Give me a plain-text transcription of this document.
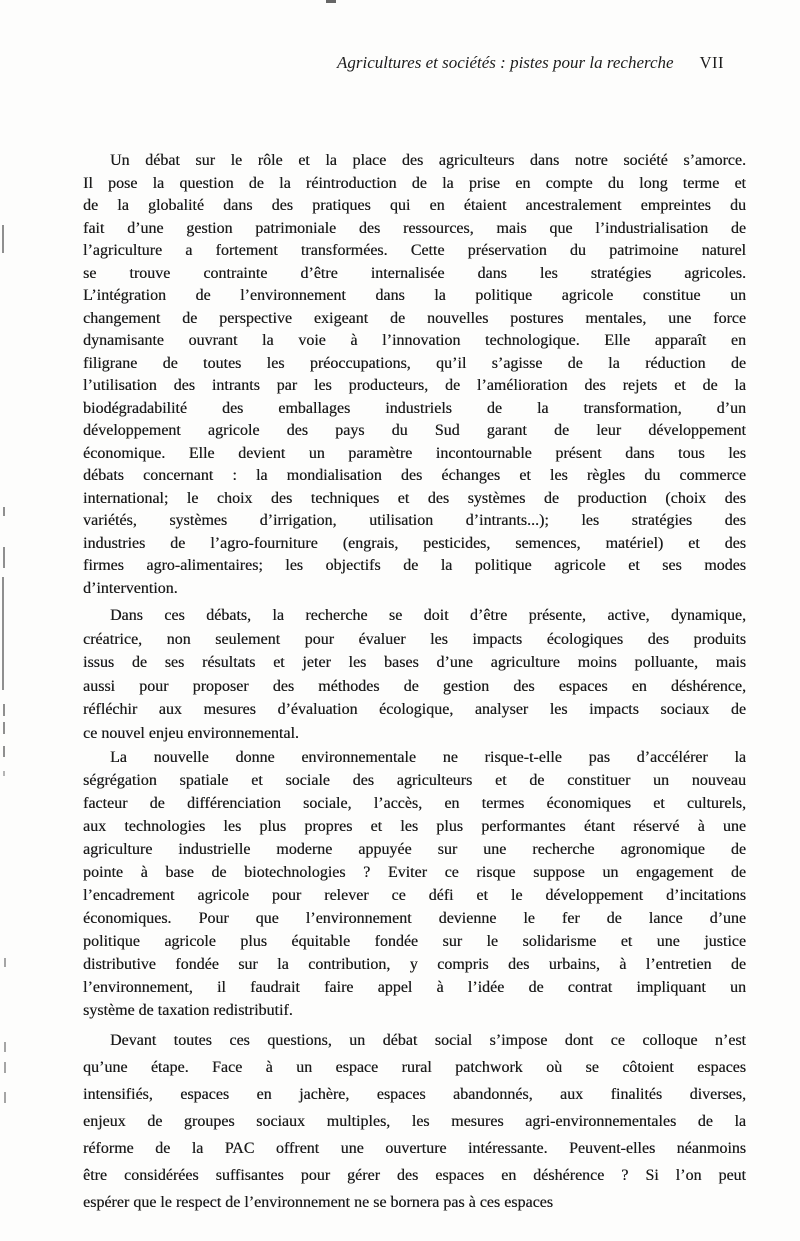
Agricultures et sociétés : pistes pour la recherche VII
Un débat sur le rôle et la place des agriculteurs dans notre société s’amorce.
Il pose la question de la réintroduction de la prise en compte du long terme et
de la globalité dans des pratiques qui en étaient ancestralement empreintes du
fait d’une gestion patrimoniale des ressources, mais que l’industrialisation de
l’agriculture a fortement transformées. Cette préservation du patrimoine naturel
se trouve contrainte d’être internalisée dans les stratégies agricoles.
L’intégration de l’environnement dans la politique agricole constitue un
changement de perspective exigeant de nouvelles postures mentales, une force
dynamisante ouvrant la voie à l’innovation technologique. Elle apparaît en
filigrane de toutes les préoccupations, qu’il s’agisse de la réduction de
l’utilisation des intrants par les producteurs, de l’amélioration des rejets et de la
biodégradabilité des emballages industriels de la transformation, d’un
développement agricole des pays du Sud garant de leur développement
économique. Elle devient un paramètre incontournable présent dans tous les
débats concernant : la mondialisation des échanges et les règles du commerce
international; le choix des techniques et des systèmes de production (choix des
variétés, systèmes d’irrigation, utilisation d’intrants...); les stratégies des
industries de l’agro-fourniture (engrais, pesticides, semences, matériel) et des
firmes agro-alimentaires; les objectifs de la politique agricole et ses modes
d’intervention.
Dans ces débats, la recherche se doit d’être présente, active, dynamique,
créatrice, non seulement pour évaluer les impacts écologiques des produits
issus de ses résultats et jeter les bases d’une agriculture moins polluante, mais
aussi pour proposer des méthodes de gestion des espaces en déshérence,
réfléchir aux mesures d’évaluation écologique, analyser les impacts sociaux de
ce nouvel enjeu environnemental.
La nouvelle donne environnementale ne risque-t-elle pas d’accélérer la
ségrégation spatiale et sociale des agriculteurs et de constituer un nouveau
facteur de différenciation sociale, l’accès, en termes économiques et culturels,
aux technologies les plus propres et les plus performantes étant réservé à une
agriculture industrielle moderne appuyée sur une recherche agronomique de
pointe à base de biotechnologies ? Eviter ce risque suppose un engagement de
l’encadrement agricole pour relever ce défi et le développement d’incitations
économiques. Pour que l’environnement devienne le fer de lance d’une
politique agricole plus équitable fondée sur le solidarisme et une justice
distributive fondée sur la contribution, y compris des urbains, à l’entretien de
l’environnement, il faudrait faire appel à l’idée de contrat impliquant un
système de taxation redistributif.
Devant toutes ces questions, un débat social s’impose dont ce colloque n’est
qu’une étape. Face à un espace rural patchwork où se côtoient espaces
intensifiés, espaces en jachère, espaces abandonnés, aux finalités diverses,
enjeux de groupes sociaux multiples, les mesures agri-environnementales de la
réforme de la PAC offrent une ouverture intéressante. Peuvent-elles néanmoins
être considérées suffisantes pour gérer des espaces en déshérence ? Si l’on peut
espérer que le respect de l’environnement ne se bornera pas à ces espaces
